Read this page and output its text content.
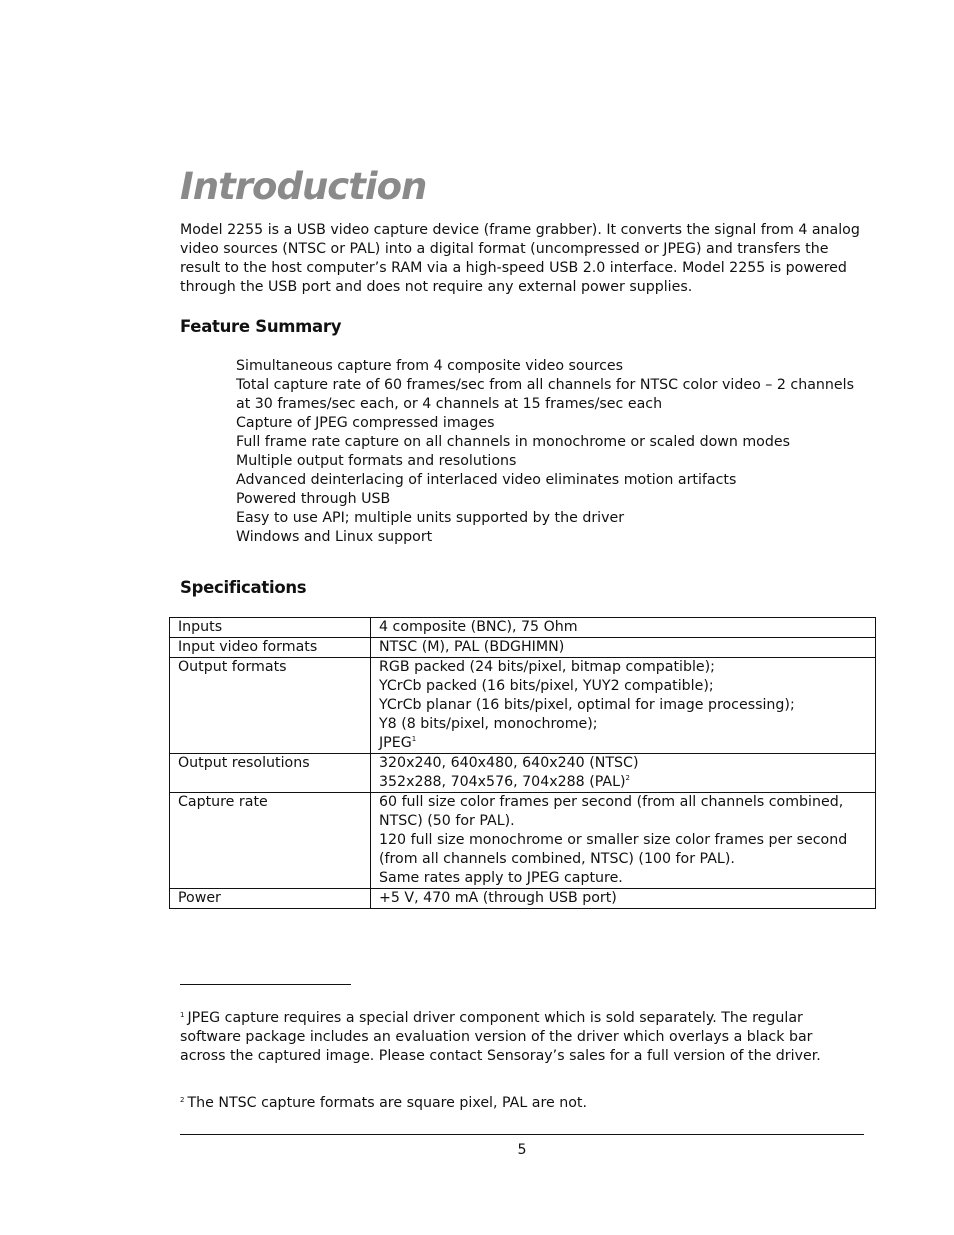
Introduction

Model 2255 is a USB video capture device (frame grabber). It converts the signal from 4 analog video sources (NTSC or PAL) into a digital format (uncompressed or JPEG) and transfers the result to the host computer’s RAM via a high-speed USB 2.0 interface. Model 2255 is powered through the USB port and does not require any external power supplies.

Feature Summary
Simultaneous capture from 4 composite video sources
Total capture rate of 60 frames/sec from all channels for NTSC color video – 2 channels at 30 frames/sec each, or 4 channels at 15 frames/sec each
Capture of JPEG compressed images
Full frame rate capture on all channels in monochrome or scaled down modes
Multiple output formats and resolutions
Advanced deinterlacing of interlaced video eliminates motion artifacts
Powered through USB
Easy to use API; multiple units supported by the driver
Windows and Linux support
Specifications
Inputs	4 composite (BNC), 75 Ohm

Input video formats	NTSC (M), PAL (BDGHIMN)

Output formats	RGB packed (24 bits/pixel, bitmap compatible);
YCrCb packed (16 bits/pixel, YUY2 compatible);
YCrCb planar (16 bits/pixel, optimal for image processing);
Y8 (8 bits/pixel, monochrome);
JPEG$^1$

Output resolutions	320x240, 640x480, 640x240 (NTSC)
352x288, 704x576, 704x288 (PAL)$^2$

Capture rate	60 full size color frames per second (from all channels combined, NTSC) (50 for PAL).
120 full size monochrome or smaller size color frames per second (from all channels combined, NTSC) (100 for PAL).
Same rates apply to JPEG capture.

Power	+5 V, 470 mA (through USB port)

$^1$ JPEG capture requires a special driver component which is sold separately. The regular software package includes an evaluation version of the driver which overlays a black bar across the captured image. Please contact Sensoray’s sales for a full version of the driver.

$^2$ The NTSC capture formats are square pixel, PAL are not.

5
